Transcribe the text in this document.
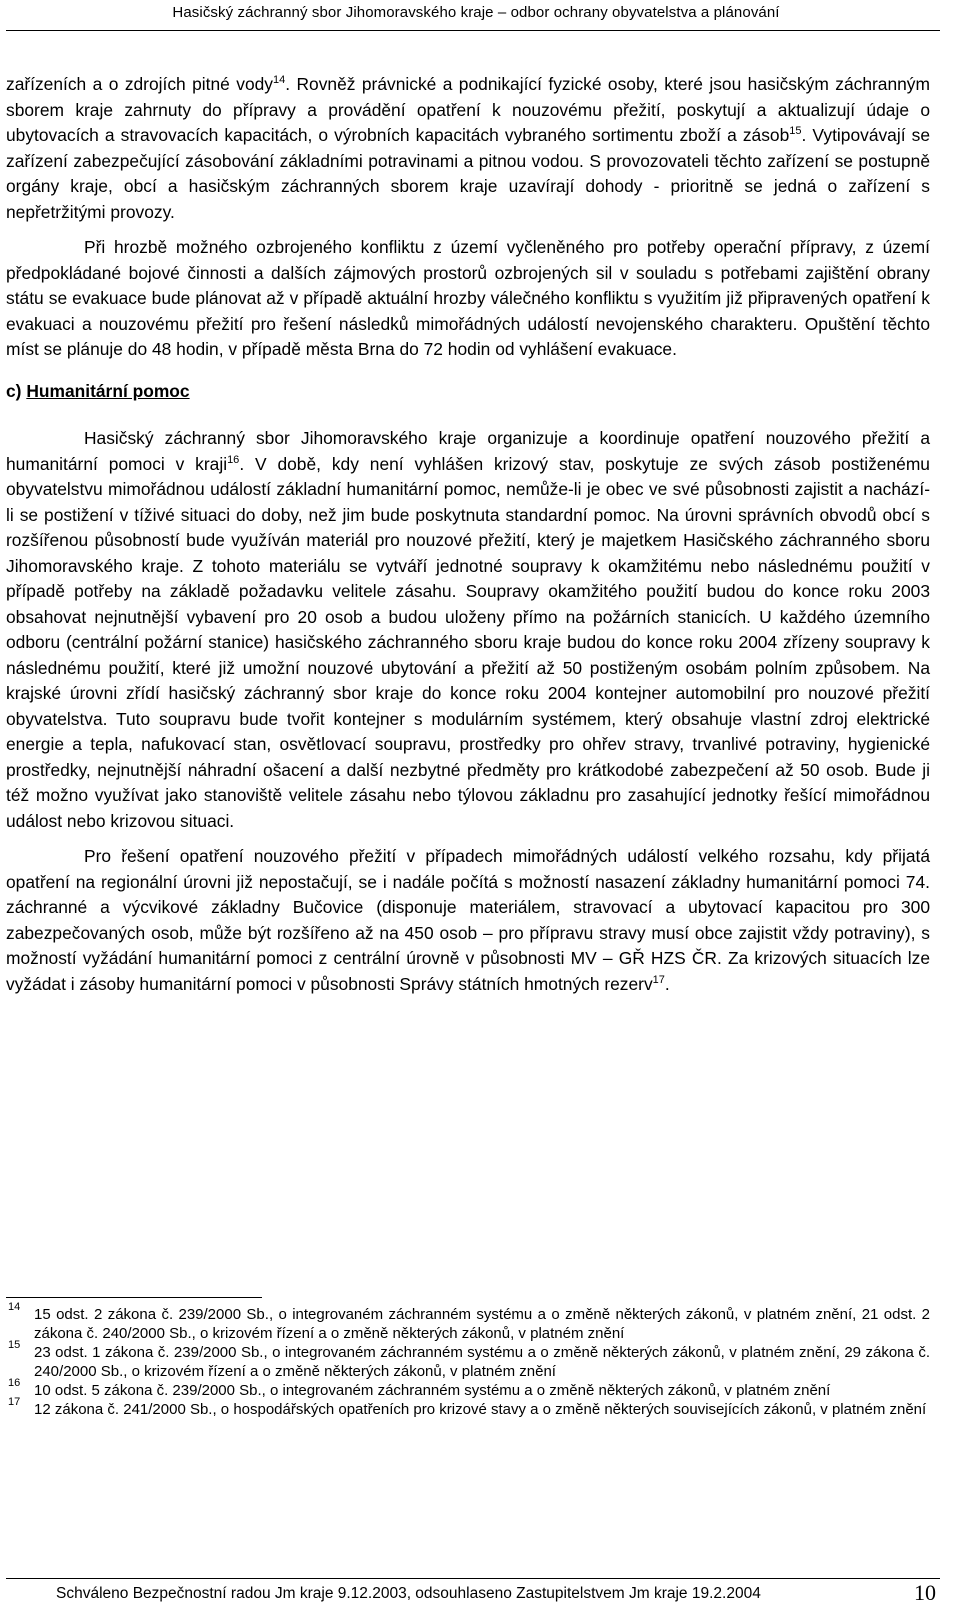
Hasičský záchranný sbor Jihomoravského kraje – odbor ochrany obyvatelstva a plánování

zařízeních a o zdrojích pitné vody$^{14}$. Rovněž právnické a podnikající fyzické osoby, které jsou hasičským záchranným sborem kraje zahrnuty do přípravy a provádění opatření k nouzovému přežití, poskytují a aktualizují údaje o ubytovacích a stravovacích kapacitách, o výrobních kapacitách vybraného sortimentu zboží a zásob$^{15}$. Vytipovávají se zařízení zabezpečující zásobování základními potravinami a pitnou vodou. S provozovateli těchto zařízení se postupně orgány kraje, obcí a hasičským záchranných sborem kraje uzavírají dohody - prioritně se jedná o zařízení s nepřetržitými provozy.

Při hrozbě možného ozbrojeného konfliktu z území vyčleněného pro potřeby operační přípravy, z území předpokládané bojové činnosti a dalších zájmových prostorů ozbrojených sil v souladu s potřebami zajištění obrany státu se evakuace bude plánovat až v případě aktuální hrozby válečného konfliktu s využitím již připravených opatření k evakuaci a nouzovému přežití pro řešení následků mimořádných událostí nevojenského charakteru. Opuštění těchto míst se plánuje do 48 hodin, v případě města Brna do 72 hodin od vyhlášení evakuace.

c) Humanitární pomoc

Hasičský záchranný sbor Jihomoravského kraje organizuje a koordinuje opatření nouzového přežití a humanitární pomoci v kraji$^{16}$. V době, kdy není vyhlášen krizový stav, poskytuje ze svých zásob postiženému obyvatelstvu mimořádnou událostí základní humanitární pomoc, nemůže-li je obec ve své působnosti zajistit a nachází-li se postižení v tíživé situaci do doby, než jim bude poskytnuta standardní pomoc. Na úrovni správních obvodů obcí s rozšířenou působností bude využíván materiál pro nouzové přežití, který je majetkem Hasičského záchranného sboru Jihomoravského kraje. Z tohoto materiálu se vytváří jednotné soupravy k okamžitému nebo následnému použití v případě potřeby na základě požadavku velitele zásahu. Soupravy okamžitého použití budou do konce roku 2003 obsahovat nejnutnější vybavení pro 20 osob a budou uloženy přímo na požárních stanicích. U každého územního odboru (centrální požární stanice) hasičského záchranného sboru kraje budou do konce roku 2004 zřízeny soupravy k následnému použití, které již umožní nouzové ubytování a přežití až 50 postiženým osobám polním způsobem. Na krajské úrovni zřídí hasičský záchranný sbor kraje do konce roku 2004 kontejner automobilní pro nouzové přežití obyvatelstva. Tuto soupravu bude tvořit kontejner s modulárním systémem, který obsahuje vlastní zdroj elektrické energie a tepla, nafukovací stan, osvětlovací soupravu, prostředky pro ohřev stravy, trvanlivé potraviny, hygienické prostředky, nejnutnější náhradní ošacení a další nezbytné předměty pro krátkodobé zabezpečení až 50 osob. Bude ji též možno využívat jako stanoviště velitele zásahu nebo týlovou základnu pro zasahující jednotky řešící mimořádnou událost nebo krizovou situaci.

Pro řešení opatření nouzového přežití v případech mimořádných událostí velkého rozsahu, kdy přijatá opatření na regionální úrovni již nepostačují, se i nadále počítá s možností nasazení základny humanitární pomoci 74. záchranné a výcvikové základny Bučovice (disponuje materiálem, stravovací a ubytovací kapacitou pro 300 zabezpečovaných osob, může být rozšířeno až na 450 osob – pro přípravu stravy musí obce zajistit vždy potraviny), s možností vyžádání humanitární pomoci z centrální úrovně v působnosti MV – GŘ HZS ČR. Za krizových situacích lze vyžádat i zásoby humanitární pomoci v působnosti Správy státních hmotných rezerv$^{17}$.

14 15 odst. 2 zákona č. 239/2000 Sb., o integrovaném záchranném systému a o změně některých zákonů, v platném znění, 21 odst. 2 zákona č. 240/2000 Sb., o krizovém řízení a o změně některých zákonů, v platném znění

15 23 odst. 1 zákona č. 239/2000 Sb., o integrovaném záchranném systému a o změně některých zákonů, v platném znění, 29 zákona č. 240/2000 Sb., o krizovém řízení a o změně některých zákonů, v platném znění

16 10 odst. 5 zákona č. 239/2000 Sb., o integrovaném záchranném systému a o změně některých zákonů, v platném znění

17 12 zákona č. 241/2000 Sb., o hospodářských opatřeních pro krizové stavy a o změně některých souvisejících zákonů, v platném znění

Schváleno Bezpečnostní radou Jm kraje 9.12.2003, odsouhlaseno Zastupitelstvem Jm kraje 19.2.2004	10
